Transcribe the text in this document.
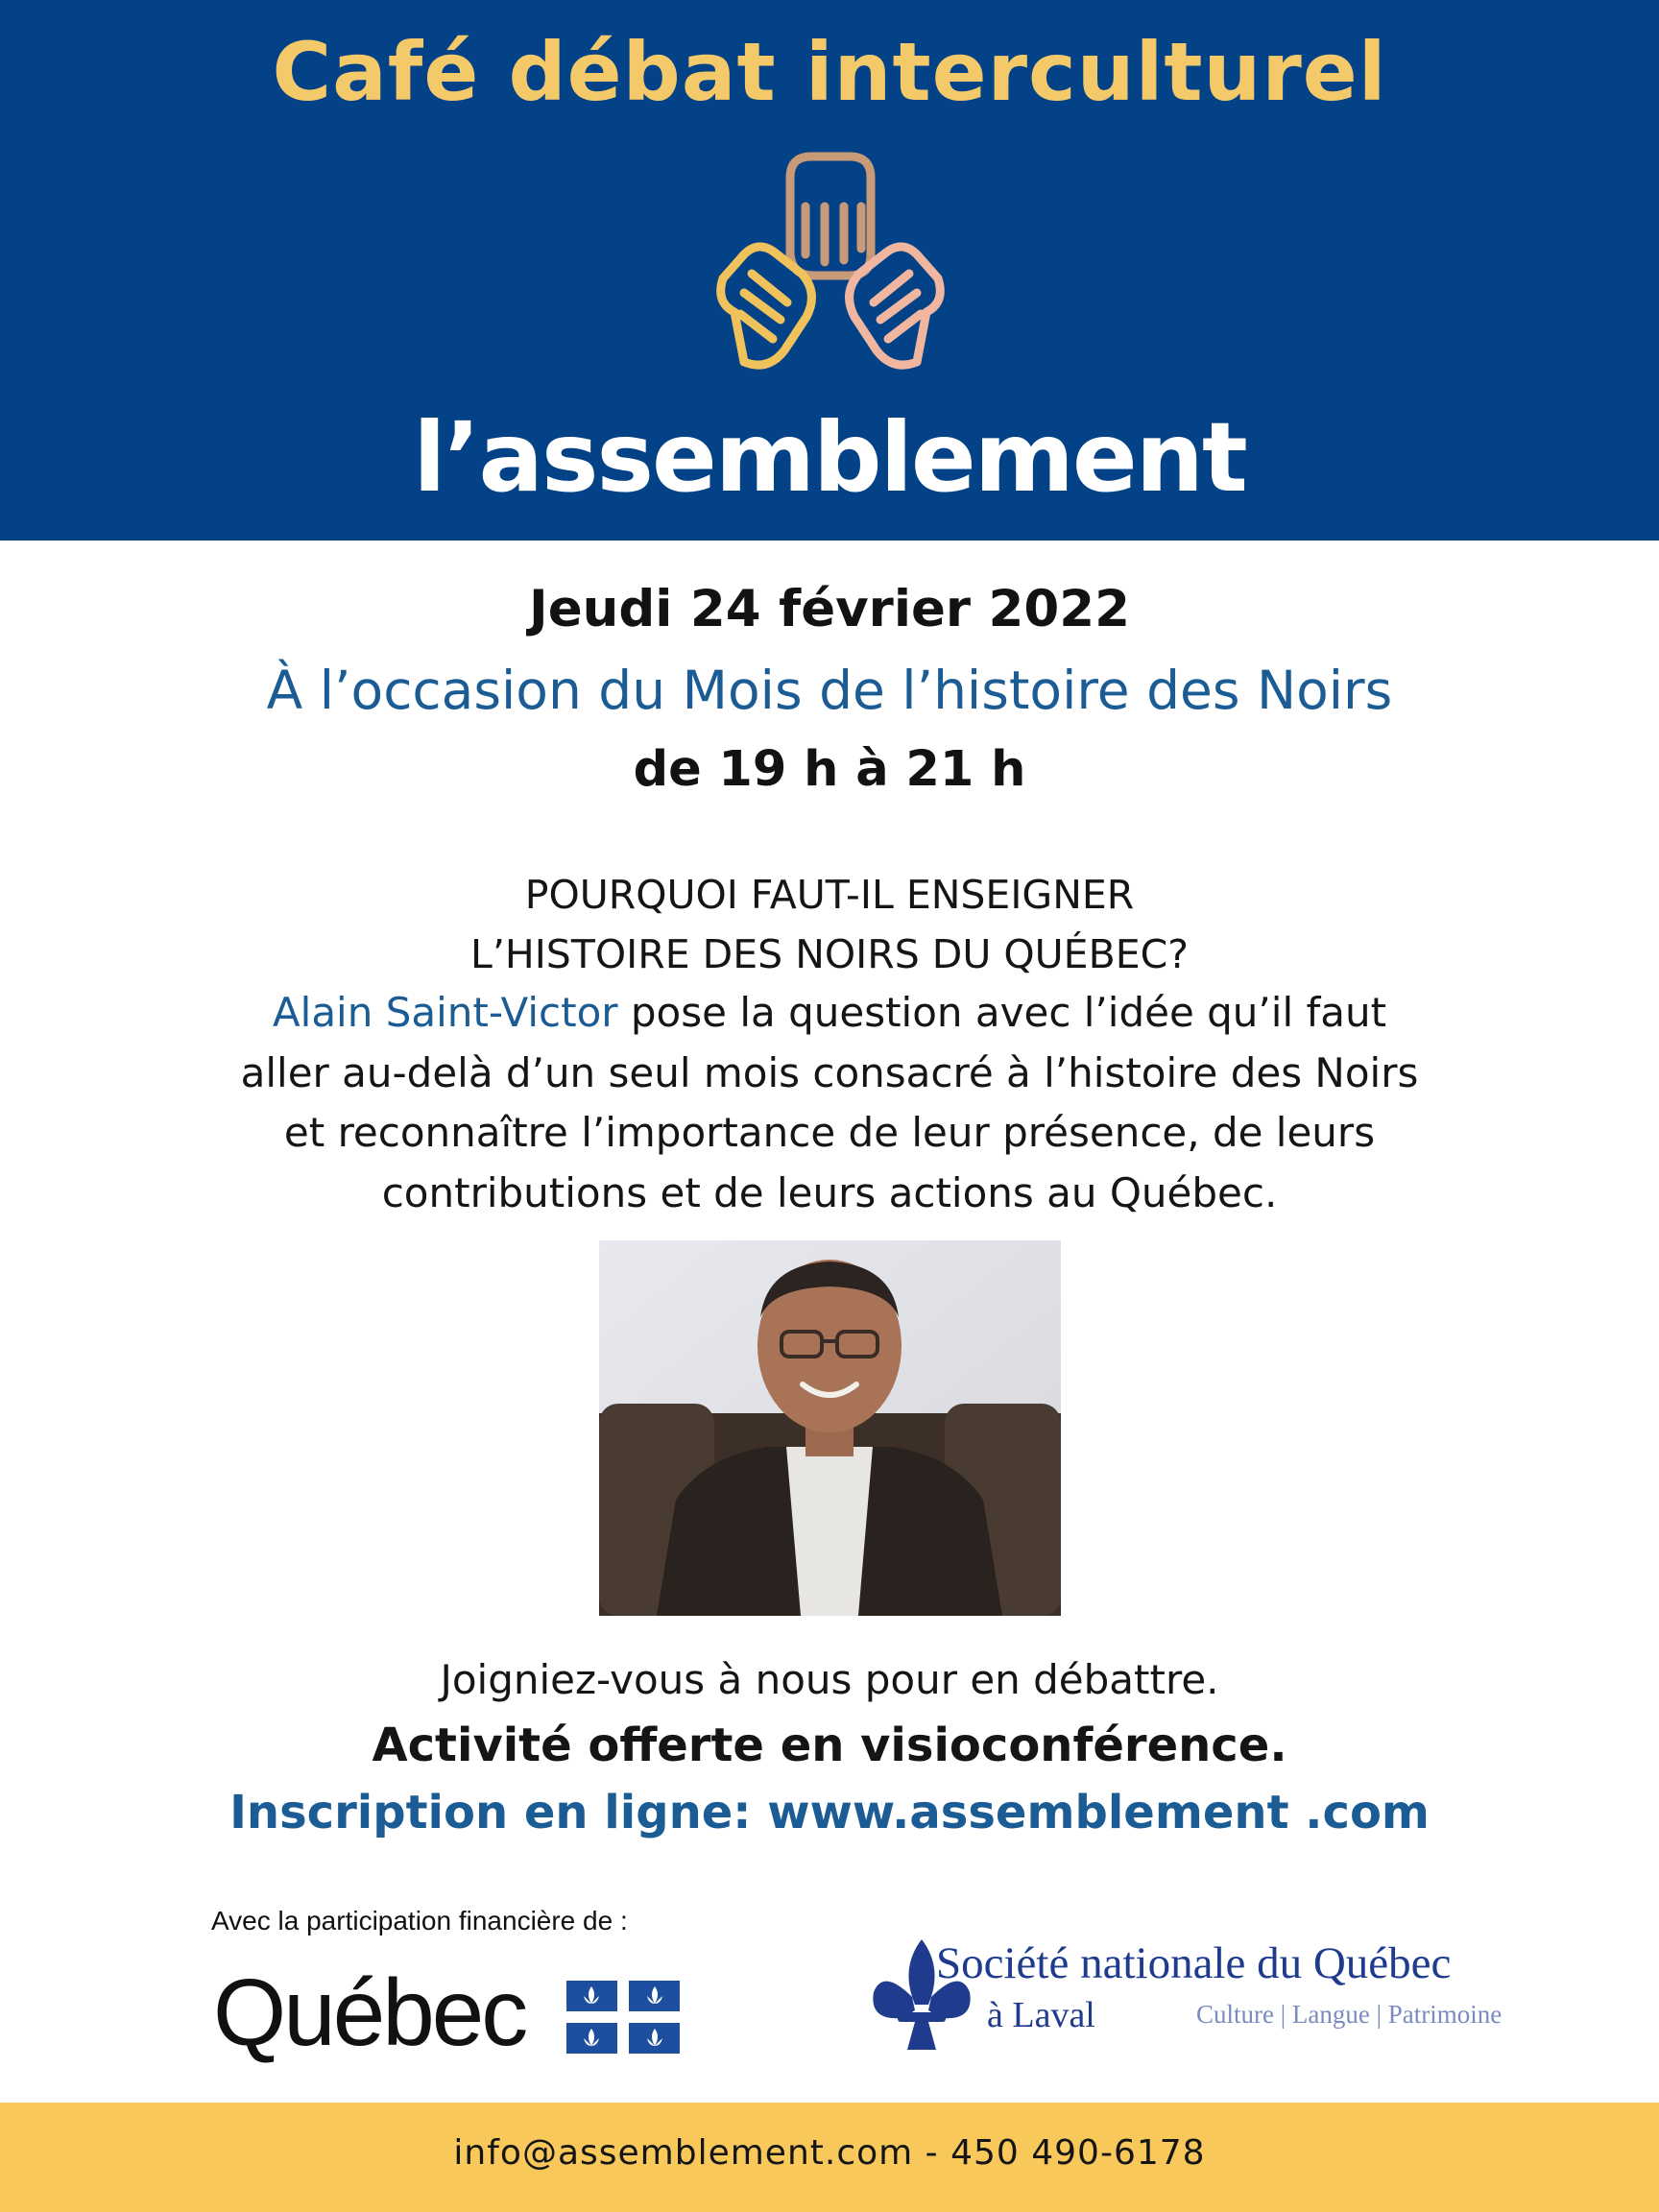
Café débat interculturel
l’assemblement
Jeudi 24 février 2022
À l’occasion du Mois de l’histoire des Noirs
de 19 h à 21 h
POURQUOI FAUT-IL ENSEIGNER
L’HISTOIRE DES NOIRS DU QUÉBEC?
Alain Saint-Victor pose la question avec l’idée qu’il faut
aller au-delà d’un seul mois consacré à l’histoire des Noirs
et reconnaître l’importance de leur présence, de leurs
contributions et de leurs actions au Québec.
Joigniez-vous à nous pour en débattre.
Activité offerte en visioconférence.
Inscription en ligne: www.assemblement .com
Avec la participation financière de :
Québec	Société nationale du Québec
à Laval	Culture | Langue | Patrimoine
info@assemblement.com - 450 490-6178
